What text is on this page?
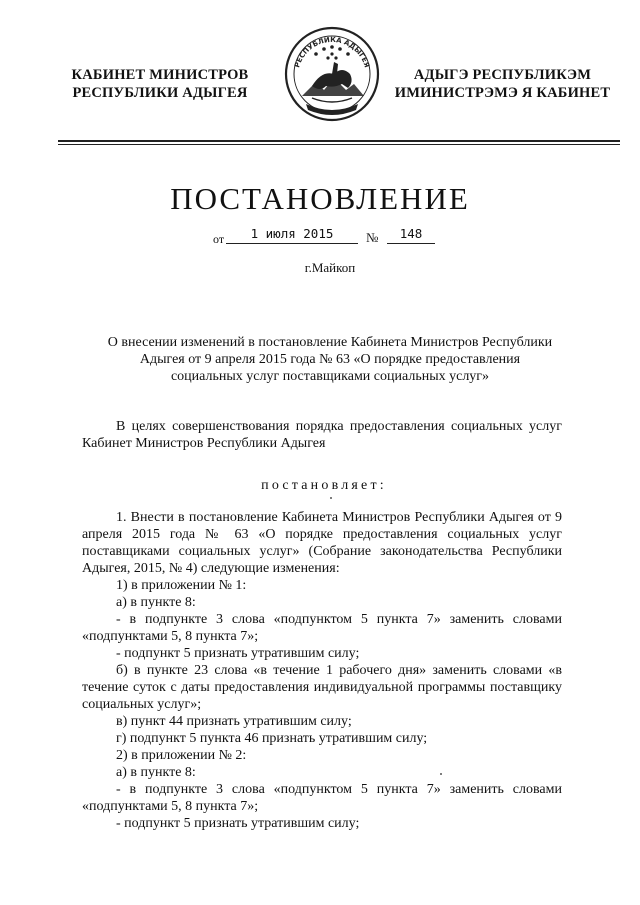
КАБИНЕТ МИНИСТРОВ
РЕСПУБЛИКИ АДЫГЕЯ
РЕСПУБЛИКА АДЫГЕЯ
АДЫГЭ РЕСПУБЛИКЭМ
ИМИНИСТРЭМЭ Я КАБИНЕТ
ПОСТАНОВЛЕНИЕ
от	1 июля 2015	№	148
г.Майкоп
О внесении изменений в постановление Кабинета Министров Республики
Адыгея от 9 апреля 2015 года № 63 «О порядке предоставления
социальных услуг поставщиками социальных услуг»
В целях совершенствования порядка предоставления социальных услуг Кабинет Министров Республики Адыгея
постановляет:

1. Внести в постановление Кабинета Министров Республики Адыгея от 9 апреля 2015 года № 63 «О порядке предоставления социальных услуг поставщиками социальных услуг» (Собрание законодательства Республики Адыгея, 2015, № 4) следующие изменения:

1) в приложении № 1:

а) в пункте 8:

- в подпункте 3 слова «подпунктом 5 пункта 7» заменить словами «подпунктами 5, 8 пункта 7»;

- подпункт 5 признать утратившим силу;

б) в пункте 23 слова «в течение 1 рабочего дня» заменить словами «в течение суток с даты предоставления индивидуальной программы поставщику социальных услуг»;

в) пункт 44 признать утратившим силу;

г) подпункт 5 пункта 46 признать утратившим силу;

2) в приложении № 2:

а) в пункте 8:

- в подпункте 3 слова «подпунктом 5 пункта 7» заменить словами «подпунктами 5, 8 пункта 7»;

- подпункт 5 признать утратившим силу;
